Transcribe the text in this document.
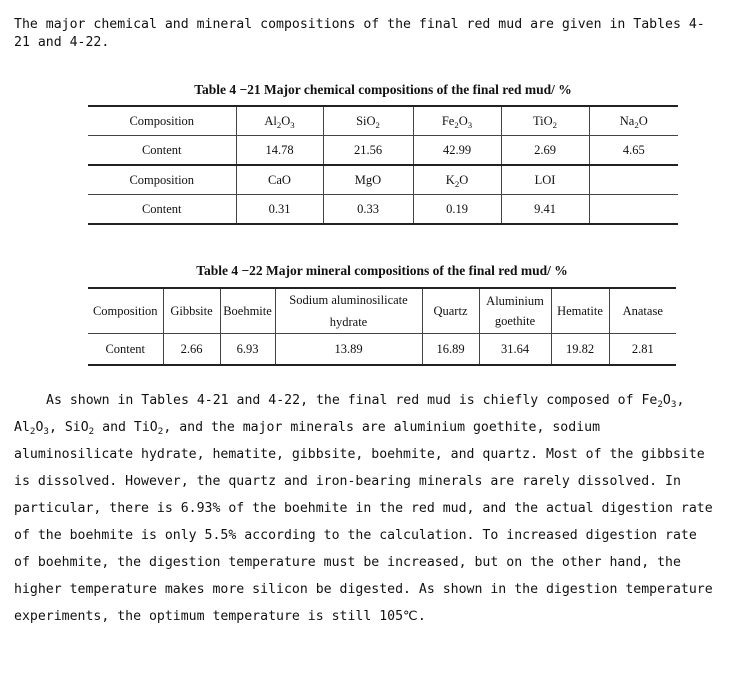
The major chemical and mineral compositions of the final red mud are given in Tables 4-21 and 4-22.

Table 4 −21 Major chemical compositions of the final red mud/ %
Composition	$Al_2O_3$	SiO$_2$	$Fe_2O_3$	TiO$_2$	$Na_2O$
Content	14.78	21.56	42.99	2.69	4.65
Composition	CaO	MgO	$K_2O$	LOI	
Content	0.31	0.33	0.19	9.41	
Table 4 −22 Major mineral compositions of the final red mud/ %
Composition	Gibbsite	Boehmite	Sodium aluminosilicate hydrate	Quartz	Aluminium goethite	Hematite	Anatase
Content	2.66	6.93	13.89	16.89	31.64	19.82	2.81

As shown in Tables 4-21 and 4-22, the final red mud is chiefly composed of $Fe_2O_3$, $Al_2O_3$, SiO$_2$ and TiO$_2$, and the major minerals are aluminium goethite, sodium aluminosilicate hydrate, hematite, gibbsite, boehmite, and quartz. Most of the gibbsite is dissolved. However, the quartz and iron-bearing minerals are rarely dissolved. In particular, there is 6.93% of the boehmite in the red mud, and the actual digestion rate of the boehmite is only 5.5% according to the calculation. To increased digestion rate of boehmite, the digestion temperature must be increased, but on the other hand, the higher temperature makes more silicon be digested. As shown in the digestion temperature experiments, the optimum temperature is still 105℃.
